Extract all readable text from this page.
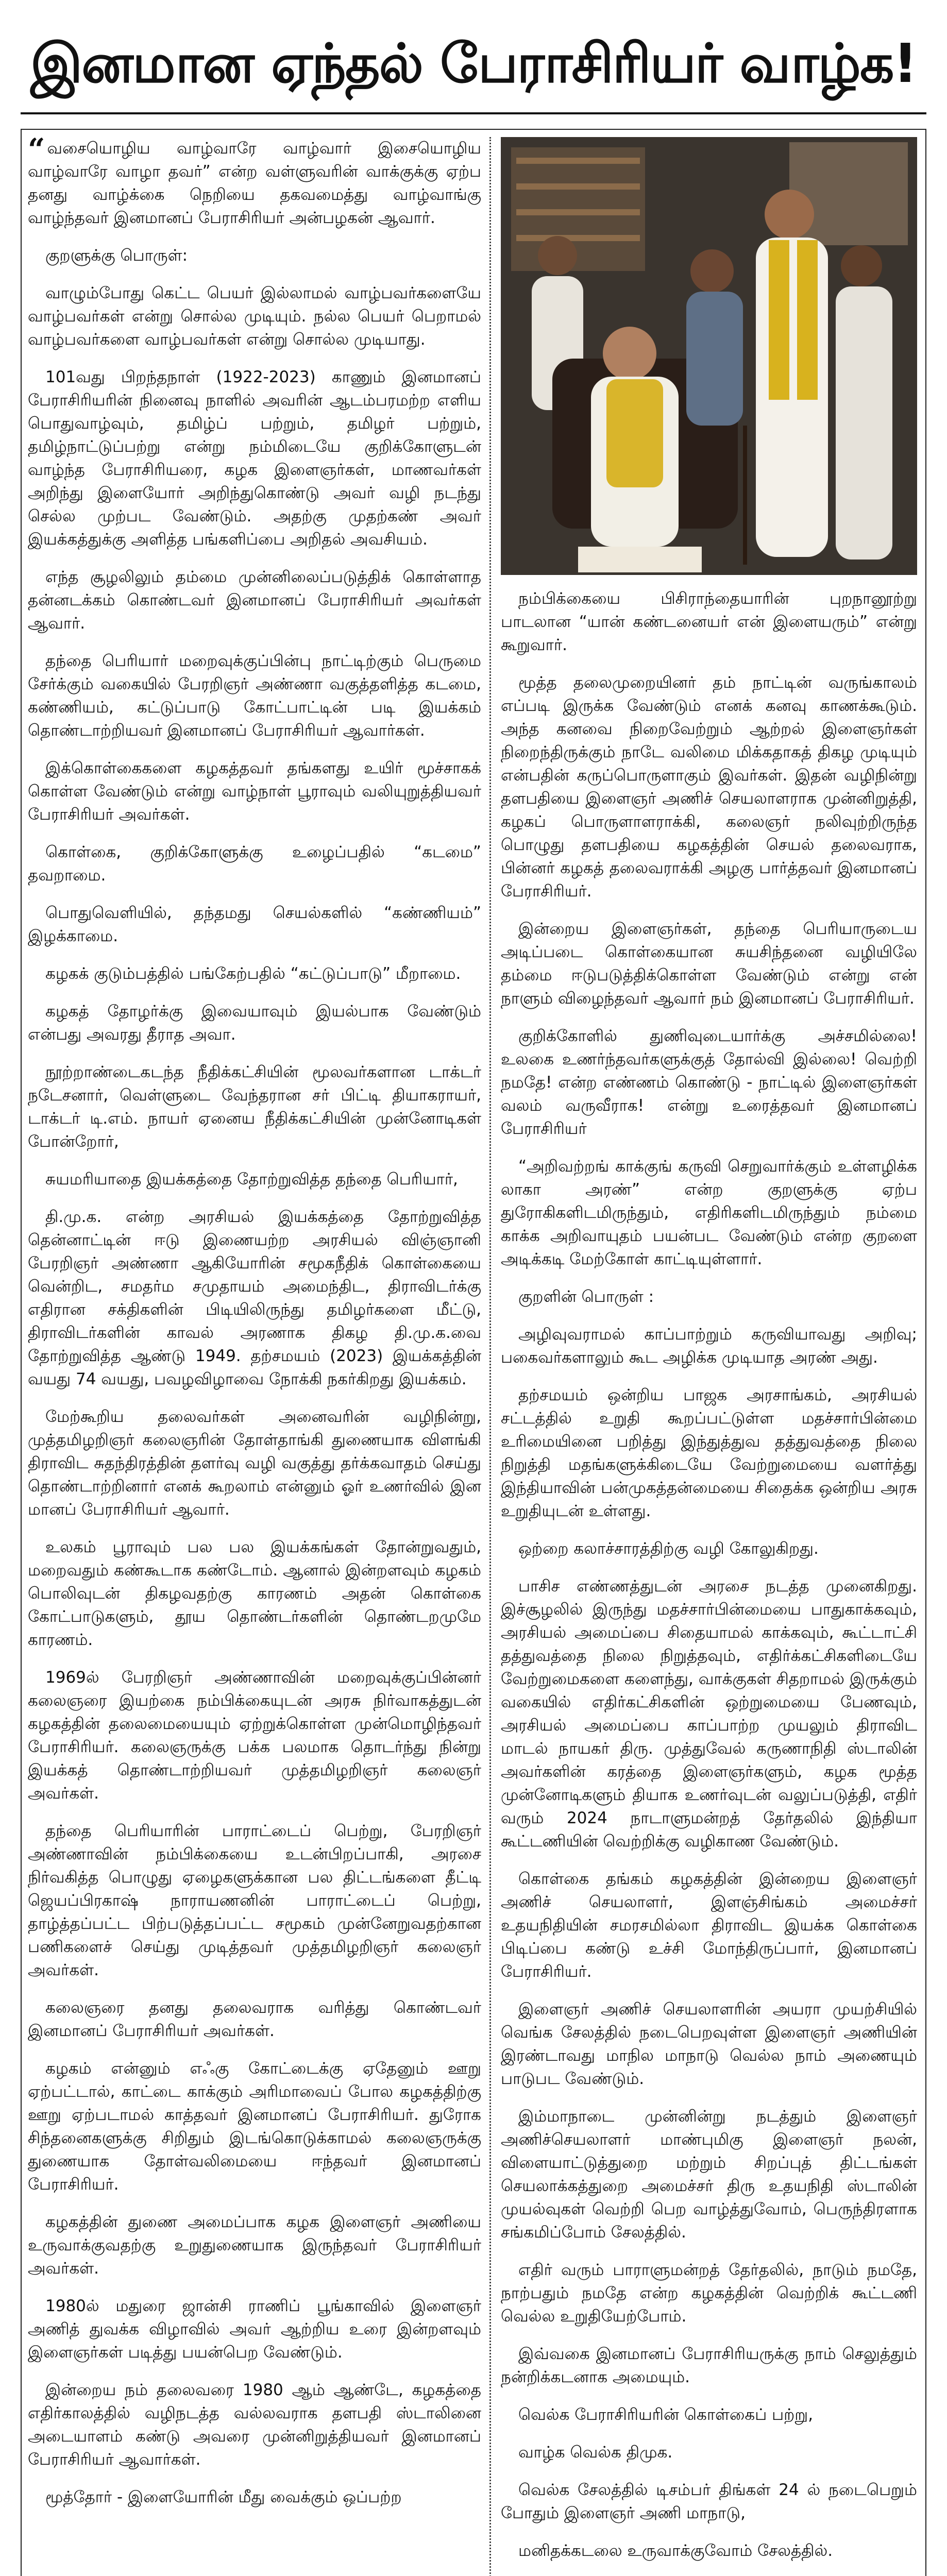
இனமான ஏந்தல் பேராசிரியர் வாழ்க!

“ வசையொழிய வாழ்வாரே வாழ்வார் இசையொழிய வாழ்வாரே வாழா தவர்” என்ற வள்ளுவரின் வாக்குக்கு ஏற்ப தனது வாழ்க்கை நெறியை தகவமைத்து வாழ்வாங்கு வாழ்ந்தவர் இனமானப் பேராசிரியர் அன்பழகன் ஆவார்.

குறளுக்கு பொருள்:

வாழும்போது கெட்ட பெயர் இல்லாமல் வாழ்பவர்களையே வாழ்பவர்கள் என்று சொல்ல முடியும். நல்ல பெயர் பெறாமல் வாழ்பவர்களை வாழ்பவர்கள் என்று சொல்ல முடியாது.

101வது பிறந்தநாள் (1922-2023) காணும் இனமானப் பேராசிரியரின் நினைவு நாளில் அவரின் ஆடம்பரமற்ற எளிய பொதுவாழ்வும், தமிழ்ப் பற்றும், தமிழர் பற்றும், தமிழ்நாட்டுப்பற்று என்று நம்மிடையே குறிக்கோளுடன் வாழ்ந்த பேராசிரியரை, கழக இளைஞர்கள், மாணவர்கள் அறிந்து இளையோர் அறிந்துகொண்டு அவர் வழி நடந்து செல்ல முற்பட வேண்டும். அதற்கு முதற்கண் அவர் இயக்கத்துக்கு அளித்த பங்களிப்பை அறிதல் அவசியம்.

எந்த சூழலிலும் தம்மை முன்னிலைப்படுத்திக் கொள்ளாத தன்னடக்கம் கொண்டவர் இனமானப் பேராசிரியர் அவர்கள் ஆவார்.

தந்தை பெரியார் மறைவுக்குப்பின்பு நாட்டிற்கும் பெருமை சேர்க்கும் வகையில் பேரறிஞர் அண்ணா வகுத்தளித்த கடமை, கண்ணியம், கட்டுப்பாடு கோட்பாட்டின் படி இயக்கம் தொண்டாற்றியவர் இனமானப் பேராசிரியர் ஆவார்கள்.

இக்கொள்கைகளை கழகத்தவர் தங்களது உயிர் மூச்சாகக் கொள்ள வேண்டும் என்று வாழ்நாள் பூராவும் வலியுறுத்தியவர் பேராசிரியர் அவர்கள்.

கொள்கை, குறிக்கோளுக்கு உழைப்பதில் “கடமை” தவறாமை.

பொதுவெளியில், தந்தமது செயல்களில் “கண்ணியம்” இழக்காமை.

கழகக் குடும்பத்தில் பங்கேற்பதில் “கட்டுப்பாடு” மீறாமை.

கழகத் தோழர்க்கு இவையாவும் இயல்பாக வேண்டும் என்பது அவரது தீராத அவா.

நூற்றாண்டைகடந்த நீதிக்கட்சியின் மூலவர்களான டாக்டர் நடேசனார், வெள்ளுடை வேந்தரான சர் பிட்டி தியாகராயர், டாக்டர் டி.எம். நாயர் ஏனைய நீதிக்கட்சியின் முன்னோடிகள் போன்றோர்,

சுயமரியாதை இயக்கத்தை தோற்றுவித்த தந்தை பெரியார்,

தி.மு.க. என்ற அரசியல் இயக்கத்தை தோற்றுவித்த தென்னாட்டின் ஈடு இணையற்ற அரசியல் விஞ்ஞானி பேரறிஞர் அண்ணா ஆகியோரின் சமூகநீதிக் கொள்கையை வென்றிட, சமதர்ம சமுதாயம் அமைந்திட, திராவிடர்க்கு எதிரான சக்திகளின் பிடியிலிருந்து தமிழர்களை மீட்டு, திராவிடர்களின் காவல் அரணாக திகழ தி.மு.க.வை தோற்றுவித்த ஆண்டு 1949. தற்சமயம் (2023) இயக்கத்தின் வயது 74 வயது, பவழவிழாவை நோக்கி நகர்கிறது இயக்கம்.

மேற்கூறிய தலைவர்கள் அனைவரின் வழிநின்று, முத்தமிழறிஞர் கலைஞரின் தோள்தாங்கி துணையாக விளங்கி திராவிட சுதந்திரத்தின் தளர்வு வழி வகுத்து தர்க்கவாதம் செய்து தொண்டாற்றினார் எனக் கூறலாம் என்னும் ஓர் உணர்வில் இன மானப் பேராசிரியர் ஆவார்.

உலகம் பூராவும் பல பல இயக்கங்கள் தோன்றுவதும், மறைவதும் கண்கூடாக கண்டோம். ஆனால் இன்றளவும் கழகம் பொலிவுடன் திகழவதற்கு காரணம் அதன் கொள்கை கோட்பாடுகளும், தூய தொண்டர்களின் தொண்டறமுமே காரணம்.

1969ல் பேரறிஞர் அண்ணாவின் மறைவுக்குப்பின்னர் கலைஞரை இயற்கை நம்பிக்கையுடன் அரசு நிர்வாகத்துடன் கழகத்தின் தலைமையையும் ஏற்றுக்கொள்ள முன்மொழிந்தவர் பேராசிரியர். கலைஞருக்கு பக்க பலமாக தொடர்ந்து நின்று இயக்கத் தொண்டாற்றியவர் முத்தமிழறிஞர் கலைஞர் அவர்கள்.

தந்தை பெரியாரின் பாராட்டைப் பெற்று, பேரறிஞர் அண்ணாவின் நம்பிக்கையை உடன்பிறப்பாகி, அரசை நிர்வகித்த பொழுது ஏழைகளுக்கான பல திட்டங்களை தீட்டி ஜெயப்பிரகாஷ் நாராயணனின் பாராட்டைப் பெற்று, தாழ்த்தப்பட்ட பிற்படுத்தப்பட்ட சமூகம் முன்னேறுவதற்கான பணிகளைச் செய்து முடித்தவர் முத்தமிழறிஞர் கலைஞர் அவர்கள்.

கலைஞரை தனது தலைவராக வரித்து கொண்டவர் இனமானப் பேராசிரியர் அவர்கள்.

கழகம் என்னும் எஃகு கோட்டைக்கு ஏதேனும் ஊறு ஏற்பட்டால், காட்டை காக்கும் அரிமாவைப் போல கழகத்திற்கு ஊறு ஏற்படாமல் காத்தவர் இனமானப் பேராசிரியர். துரோக சிந்தனைகளுக்கு சிறிதும் இடங்கொடுக்காமல் கலைஞருக்கு துணையாக தோள்வலிமையை ஈந்தவர் இனமானப் பேராசிரியர்.

கழகத்தின் துணை அமைப்பாக கழக இளைஞர் அணியை உருவாக்குவதற்கு உறுதுணையாக இருந்தவர் பேராசிரியர் அவர்கள்.

1980ல் மதுரை ஜான்சி ராணிப் பூங்காவில் இளைஞர் அணித் துவக்க விழாவில் அவர் ஆற்றிய உரை இன்றளவும் இளைஞர்கள் படித்து பயன்பெற வேண்டும்.

இன்றைய நம் தலைவரை 1980 ஆம் ஆண்டே, கழகத்தை எதிர்காலத்தில் வழிநடத்த வல்லவராக தளபதி ஸ்டாலினை அடையாளம் கண்டு அவரை முன்னிறுத்தியவர் இனமானப் பேராசிரியர் ஆவார்கள்.

மூத்தோர் - இளையோரின் மீது வைக்கும் ஒப்பற்ற

நம்பிக்கையை பிசிராந்தையாரின் புறநானூற்று பாடலான “யான் கண்டனையர் என் இளையரும்” என்று கூறுவார்.

மூத்த தலைமுறையினர் தம் நாட்டின் வருங்காலம் எப்படி இருக்க வேண்டும் எனக் கனவு காணக்கூடும். அந்த கனவை நிறைவேற்றும் ஆற்றல் இளைஞர்கள் நிறைந்திருக்கும் நாடே வலிமை மிக்கதாகத் திகழ முடியும் என்பதின் கருப்பொருளாகும் இவர்கள். இதன் வழிநின்று தளபதியை இளைஞர் அணிச் செயலாளராக முன்னிறுத்தி, கழகப் பொருளாளராக்கி, கலைஞர் நலிவுற்றிருந்த பொழுது தளபதியை கழகத்தின் செயல் தலைவராக, பின்னர் கழகத் தலைவராக்கி அழகு பார்த்தவர் இனமானப் பேராசிரியர்.

இன்றைய இளைஞர்கள், தந்தை பெரியாருடைய அடிப்படை கொள்கையான சுயசிந்தனை வழியிலே தம்மை ஈடுபடுத்திக்கொள்ள வேண்டும் என்று என் நாளும் விழைந்தவர் ஆவார் நம் இனமானப் பேராசிரியர்.

குறிக்கோளில் துணிவுடையார்க்கு அச்சமில்லை! உலகை உணர்ந்தவர்களுக்குத் தோல்வி இல்லை! வெற்றி நமதே! என்ற எண்ணம் கொண்டு - நாட்டில் இளைஞர்கள் வலம் வருவீராக! என்று உரைத்தவர் இனமானப் பேராசிரியர்

“அறிவற்றங் காக்குங் கருவி செறுவார்க்கும் உள்ளழிக்க லாகா அரண்” என்ற குறளுக்கு ஏற்ப துரோகிகளிடமிருந்தும், எதிரிகளிடமிருந்தும் நம்மை காக்க அறிவாயுதம் பயன்பட வேண்டும் என்ற குறளை அடிக்கடி மேற்கோள் காட்டியுள்ளார்.

குறளின் பொருள் :

அழிவுவராமல் காப்பாற்றும் கருவியாவது அறிவு; பகைவர்களாலும் கூட அழிக்க முடியாத அரண் அது.

தற்சமயம் ஒன்றிய பாஜக அரசாங்கம், அரசியல் சட்டத்தில் உறுதி கூறப்பட்டுள்ள மதச்சார்பின்மை உரிமையினை பறித்து இந்துத்துவ தத்துவத்தை நிலை நிறுத்தி மதங்களுக்கிடையே வேற்றுமையை வளர்த்து இந்தியாவின் பன்முகத்தன்மையை சிதைக்க ஒன்றிய அரசு உறுதியுடன் உள்ளது.

ஒற்றை கலாச்சாரத்திற்கு வழி கோலுகிறது.

பாசிச எண்ணத்துடன் அரசை நடத்த முனைகிறது. இச்சூழலில் இருந்து மதச்சார்பின்மையை பாதுகாக்கவும், அரசியல் அமைப்பை சிதையாமல் காக்கவும், கூட்டாட்சி தத்துவத்தை நிலை நிறுத்தவும், எதிர்க்கட்சிகளிடையே வேற்றுமைகளை களைந்து, வாக்குகள் சிதறாமல் இருக்கும் வகையில் எதிர்கட்சிகளின் ஒற்றுமையை பேணவும், அரசியல் அமைப்பை காப்பாற்ற முயலும் திராவிட மாடல் நாயகர் திரு. முத்துவேல் கருணாநிதி ஸ்டாலின் அவர்களின் கரத்தை இளைஞர்களும், கழக மூத்த முன்னோடிகளும் தியாக உணர்வுடன் வலுப்படுத்தி, எதிர் வரும் 2024 நாடாளுமன்றத் தேர்தலில் இந்தியா கூட்டணியின் வெற்றிக்கு வழிகாண வேண்டும்.

கொள்கை தங்கம் கழகத்தின் இன்றைய இளைஞர் அணிச் செயலாளர், இளஞ்சிங்கம் அமைச்சர் உதயநிதியின் சமரசமில்லா திராவிட இயக்க கொள்கை பிடிப்பை கண்டு உச்சி மோந்திருப்பார், இனமானப் பேராசிரியர்.

இளைஞர் அணிச் செயலாளரின் அயரா முயற்சியில் வெங்க சேலத்தில் நடைபெறவுள்ள இளைஞர் அணியின் இரண்டாவது மாநில மாநாடு வெல்ல நாம் அணையும் பாடுபட வேண்டும்.

இம்மாநாடை முன்னின்று நடத்தும் இளைஞர் அணிச்செயலாளர் மாண்புமிகு இளைஞர் நலன், விளையாட்டுத்துறை மற்றும் சிறப்புத் திட்டங்கள் செயலாக்கத்துறை அமைச்சர் திரு உதயநிதி ஸ்டாலின் முயல்வுகள் வெற்றி பெற வாழ்த்துவோம், பெருந்திரளாக சங்கமிப்போம் சேலத்தில்.

எதிர் வரும் பாராளுமன்றத் தேர்தலில், நாடும் நமதே, நாற்பதும் நமதே என்ற கழகத்தின் வெற்றிக் கூட்டணி வெல்ல உறுதியேற்போம்.

இவ்வகை இனமானப் பேராசிரியருக்கு நாம் செலுத்தும் நன்றிக்கடனாக அமையும்.

வெல்க பேராசிரியரின் கொள்கைப் பற்று,

வாழ்க வெல்க திமுக.

வெல்க சேலத்தில் டிசம்பர் திங்கள் 24 ல் நடைபெறும் போதும் இளைஞர் அணி மாநாடு,

மனிதக்கடலை உருவாக்குவோம் சேலத்தில்.
